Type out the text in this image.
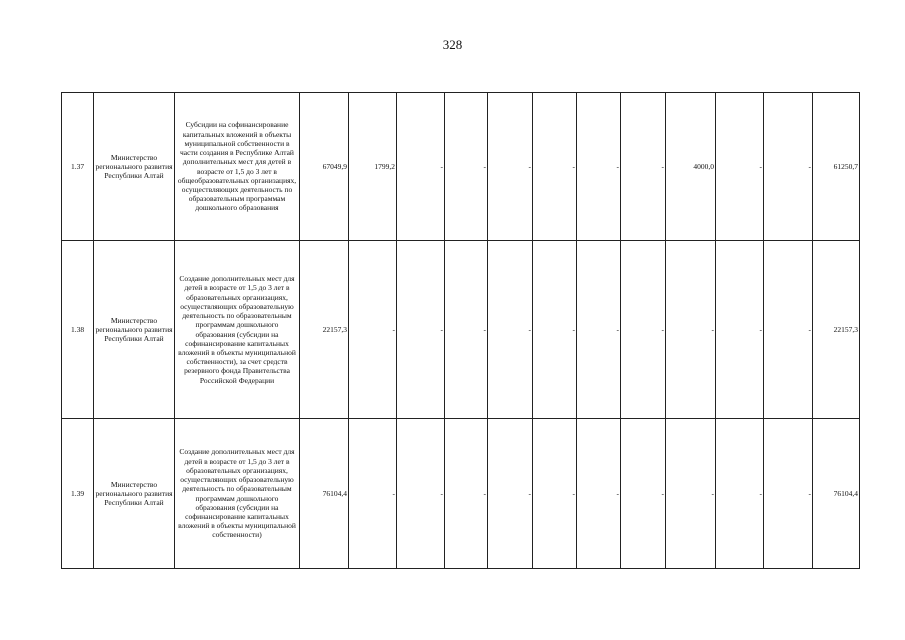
328
1.37	Министерство регионального развития Республики Алтай	Субсидии на софинансирование капитальных вложений в объекты муниципальной собственности в части создания в Республике Алтай дополнительных мест для детей в возрасте от 1,5 до 3 лет в общеобразовательных организациях, осуществляющих деятельность по образовательным программам дошкольного образования	67049,9	1799,2	-	-	-	-	-	-	4000,0	-	-	61250,7
1.38	Министерство регионального развития Республики Алтай	Создание дополнительных мест для детей в возрасте от 1,5 до 3 лет в образовательных организациях, осуществляющих образовательную деятельность по образовательным программам дошкольного образования (субсидии на софинансирование капитальных вложений в объекты муниципальной собственности), за счет средств резервного фонда Правительства Российской Федерации	22157,3	-	-	-	-	-	-	-	-	-	-	22157,3
1.39	Министерство регионального развития Республики Алтай	Создание дополнительных мест для детей в возрасте от 1,5 до 3 лет в образовательных организациях, осуществляющих образовательную деятельность по образовательным программам дошкольного образования (субсидии на софинансирование капитальных вложений в объекты муниципальной собственности)	76104,4	-	-	-	-	-	-	-	-	-	-	76104,4
